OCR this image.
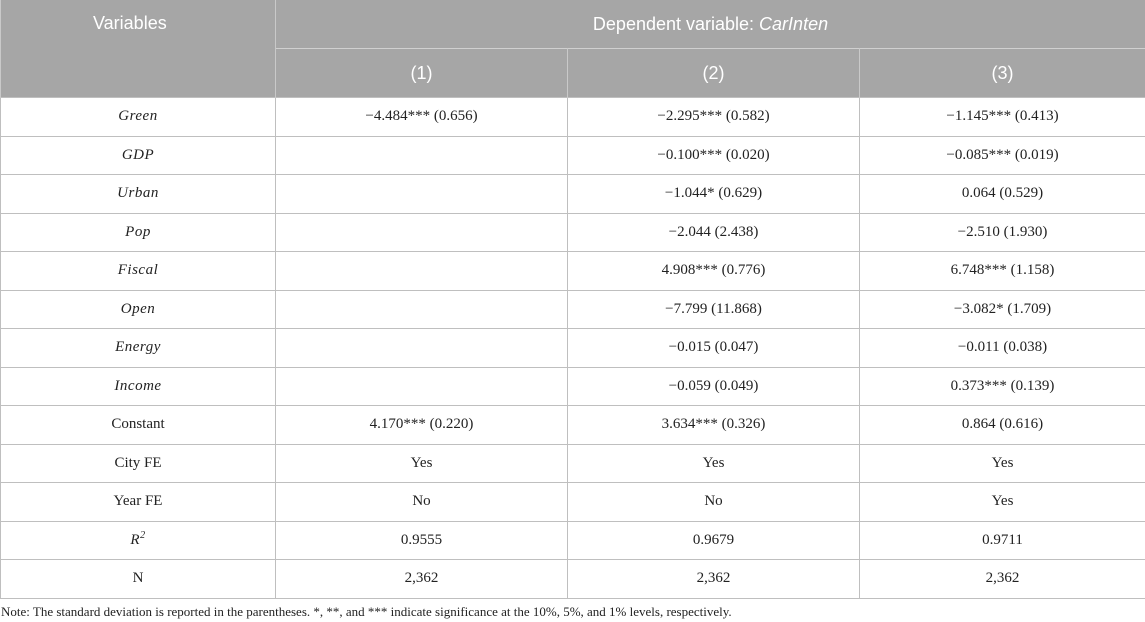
Variables	Dependent variable: CarInten		
	(1)	(2)	(3)
Green	−4.484*** (0.656)	−2.295*** (0.582)	−1.145*** (0.413)
GDP		−0.100*** (0.020)	−0.085*** (0.019)
Urban		−1.044* (0.629)	0.064 (0.529)
Pop		−2.044 (2.438)	−2.510 (1.930)
Fiscal		4.908*** (0.776)	6.748*** (1.158)
Open		−7.799 (11.868)	−3.082* (1.709)
Energy		−0.015 (0.047)	−0.011 (0.038)
Income		−0.059 (0.049)	0.373*** (0.139)
Constant	4.170*** (0.220)	3.634*** (0.326)	0.864 (0.616)
City FE	Yes	Yes	Yes
Year FE	No	No	Yes
$R^2$	0.9555	0.9679	0.9711
N	2,362	2,362	2,362
Note: The standard deviation is reported in the parentheses. *, **, and *** indicate significance at the 10%, 5%, and 1% levels, respectively.
